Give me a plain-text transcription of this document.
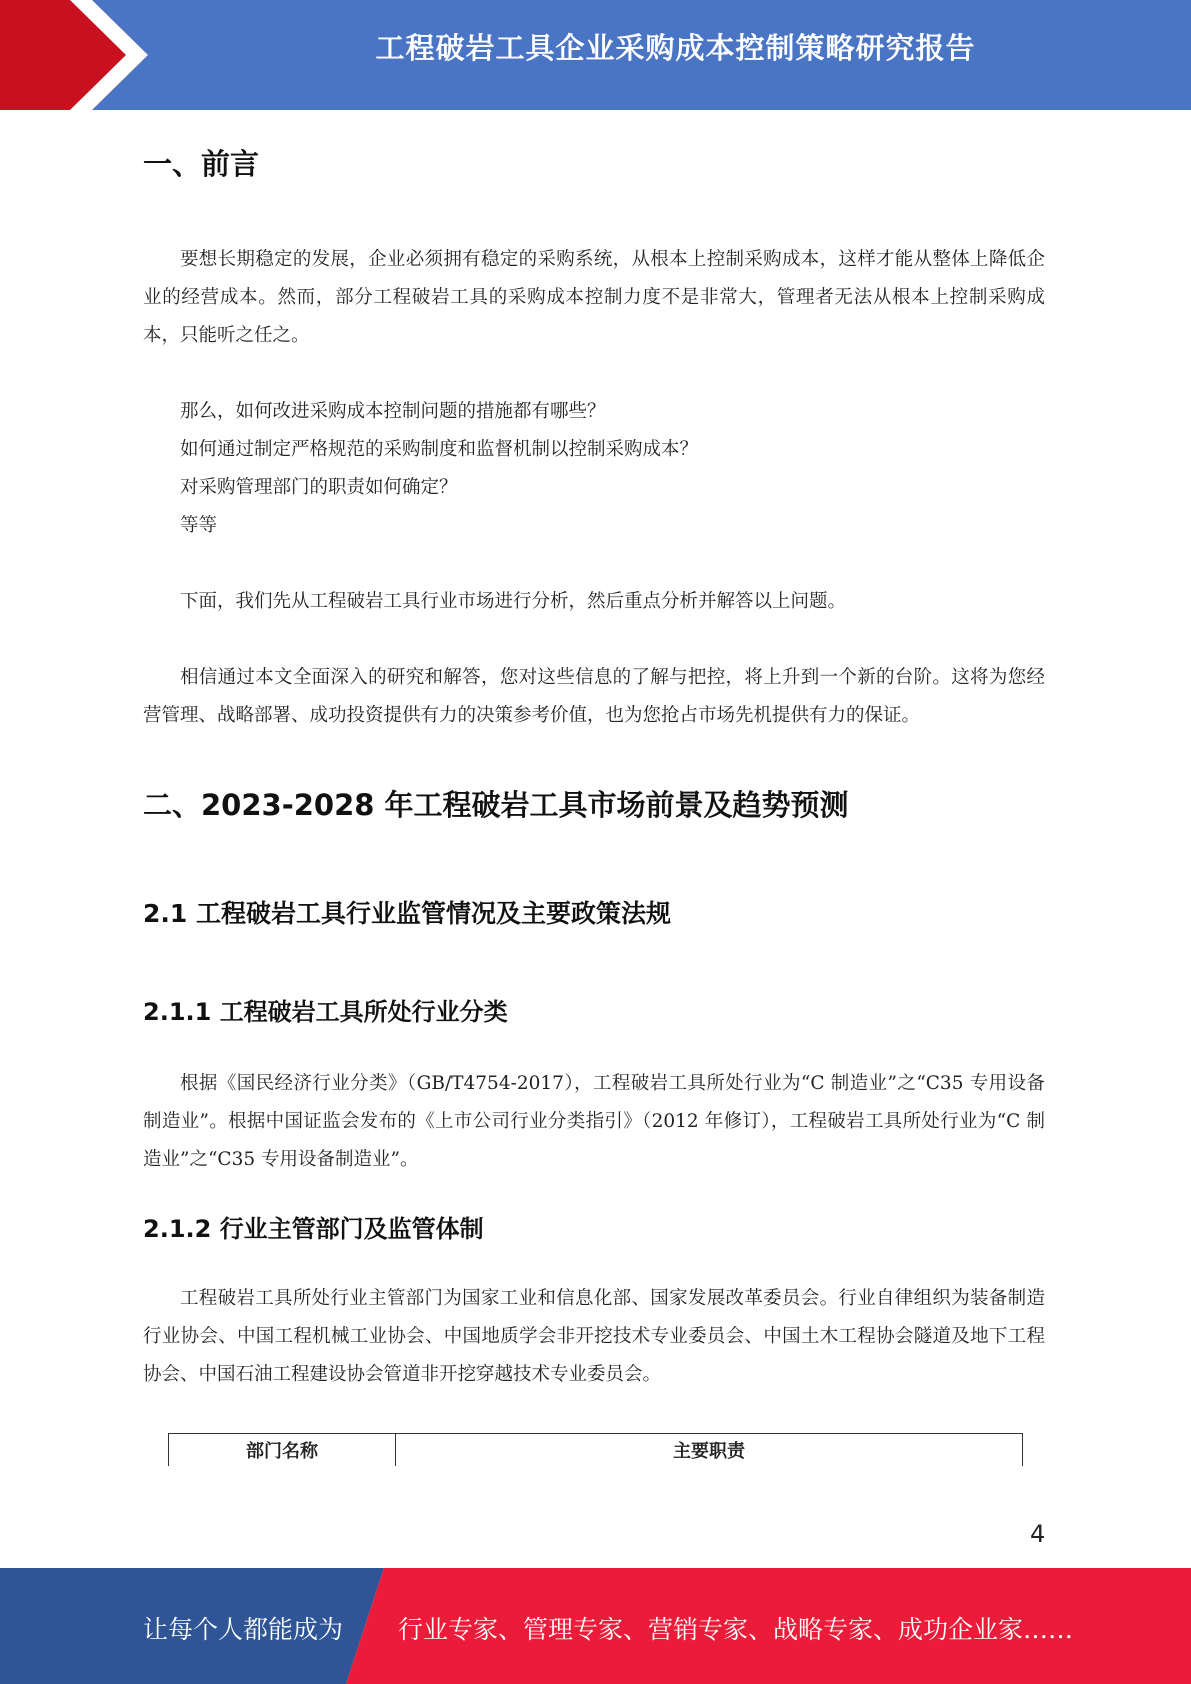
工程破岩工具企业采购成本控制策略研究报告
一、前言

要想长期稳定的发展，企业必须拥有稳定的采购系统，从根本上控制采购成本，这样才能从整体上降低企业的经营成本。然而，部分工程破岩工具的采购成本控制力度不是非常大，管理者无法从根本上控制采购成本，只能听之任之。

那么，如何改进采购成本控制问题的措施都有哪些？

如何通过制定严格规范的采购制度和监督机制以控制采购成本？

对采购管理部门的职责如何确定？

等等

下面，我们先从工程破岩工具行业市场进行分析，然后重点分析并解答以上问题。

相信通过本文全面深入的研究和解答，您对这些信息的了解与把控，将上升到一个新的台阶。这将为您经营管理、战略部署、成功投资提供有力的决策参考价值，也为您抢占市场先机提供有力的保证。

二、2023-2028 年工程破岩工具市场前景及趋势预测
2.1 工程破岩工具行业监管情况及主要政策法规
2.1.1 工程破岩工具所处行业分类

根据《国民经济行业分类》（GB/T4754-2017），工程破岩工具所处行业为“C 制造业”之“C35 专用设备制造业”。根据中国证监会发布的《上市公司行业分类指引》（2012 年修订），工程破岩工具所处行业为“C 制造业”之“C35 专用设备制造业”。

2.1.2 行业主管部门及监管体制

工程破岩工具所处行业主管部门为国家工业和信息化部、国家发展改革委员会。行业自律组织为装备制造行业协会、中国工程机械工业协会、中国地质学会非开挖技术专业委员会、中国土木工程协会隧道及地下工程协会、中国石油工程建设协会管道非开挖穿越技术专业委员会。

部门名称	主要职责
4
让每个人都能成为 行业专家、管理专家、营销专家、战略专家、成功企业家……
